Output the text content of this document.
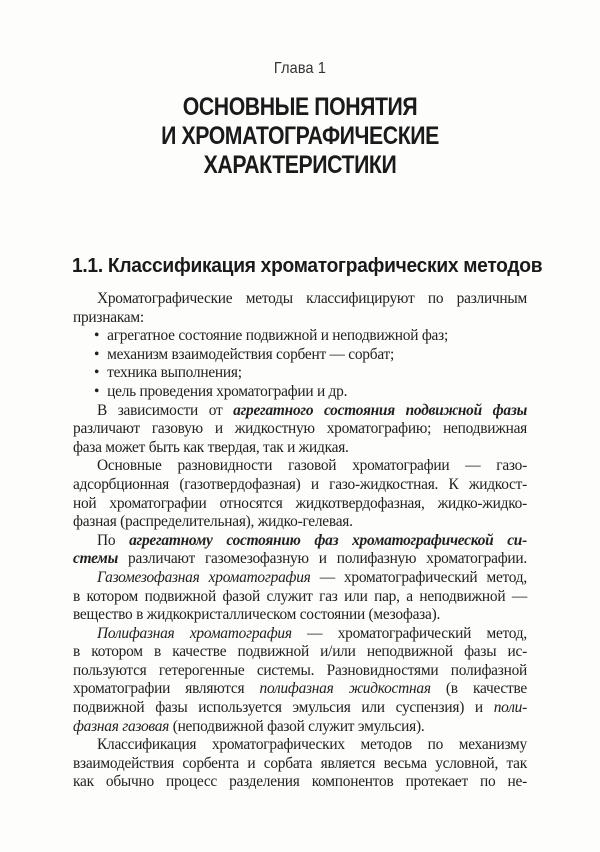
Глава 1
ОСНОВНЫЕ ПОНЯТИЯ
И ХРОМАТОГРАФИЧЕСКИЕ
ХАРАКТЕРИСТИКИ
1.1. Классификация хроматографических методов
Хроматографические методы классифицируют по различным
признакам:
• агрегатное состояние подвижной и неподвижной фаз;
• механизм взаимодействия сорбент — сорбат;
• техника выполнения;
• цель проведения хроматографии и др.
В зависимости от агрегатного состояния подвижной фазы
различают газовую и жидкостную хроматографию; неподвижная
фаза может быть как твердая, так и жидкая.
Основные разновидности газовой хроматографии — газо-
адсорбционная (газотвердофазная) и газо-жидкостная. К жидкост-
ной хроматографии относятся жидкотвердофазная, жидко-жидко-
фазная (распределительная), жидко-гелевая.
По агрегатному состоянию фаз хроматографической си-
стемы различают газомезофазную и полифазную хроматографии.
Газомезофазная хроматография — хроматографический метод,
в котором подвижной фазой служит газ или пар, а неподвижной —
вещество в жидкокристаллическом состоянии (мезофаза).
Полифазная хроматография — хроматографический метод,
в котором в качестве подвижной и/или неподвижной фазы ис-
пользуются гетерогенные системы. Разновидностями полифазной
хроматографии являются полифазная жидкостная (в качестве
подвижной фазы используется эмульсия или суспензия) и поли-
фазная газовая (неподвижной фазой служит эмульсия).
Классификация хроматографических методов по механизму
взаимодействия сорбента и сорбата является весьма условной, так
как обычно процесс разделения компонентов протекает по не-
